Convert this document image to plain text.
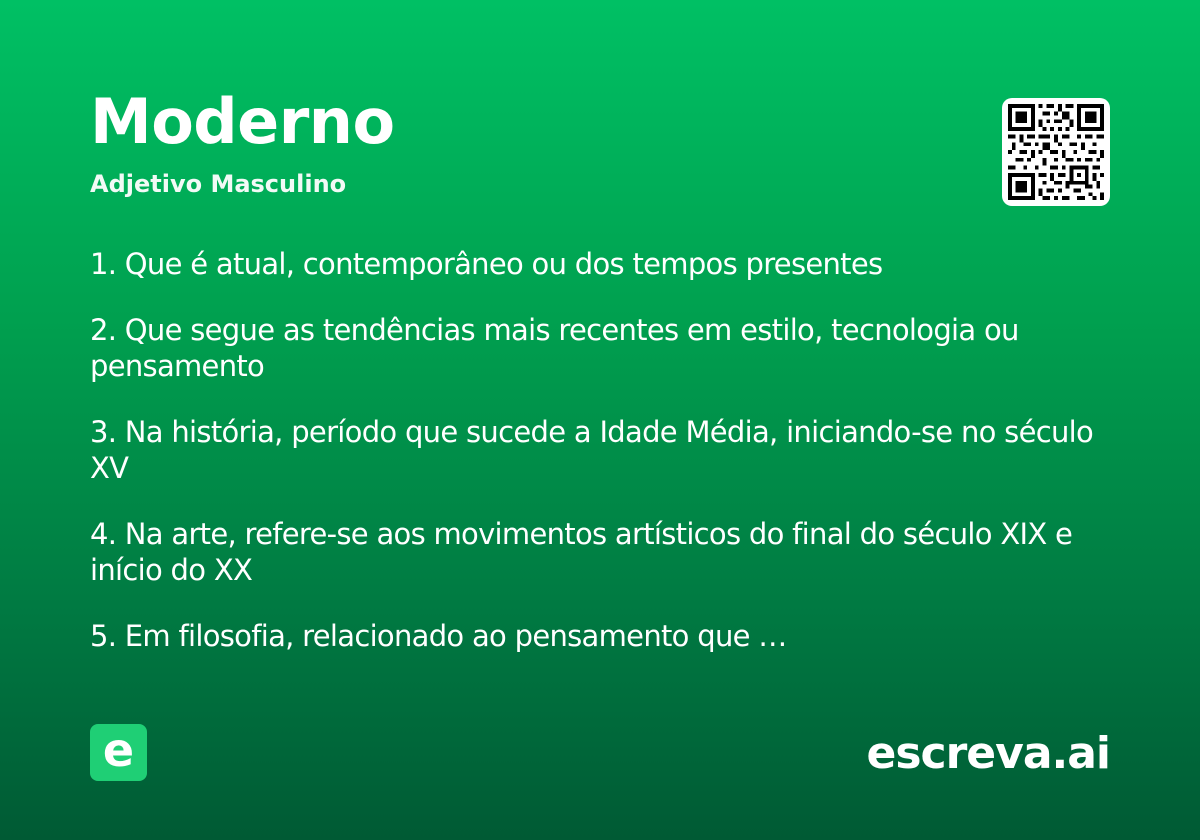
Moderno
Adjetivo Masculino
1. Que é atual, contemporâneo ou dos tempos presentes
2. Que segue as tendências mais recentes em estilo, tecnologia ou pensamento
3. Na história, período que sucede a Idade Média, iniciando-se no século XV
4. Na arte, refere-se aos movimentos artísticos do final do século XIX e início do XX
5. Em filosofia, relacionado ao pensamento que …
e	escreva.ai
